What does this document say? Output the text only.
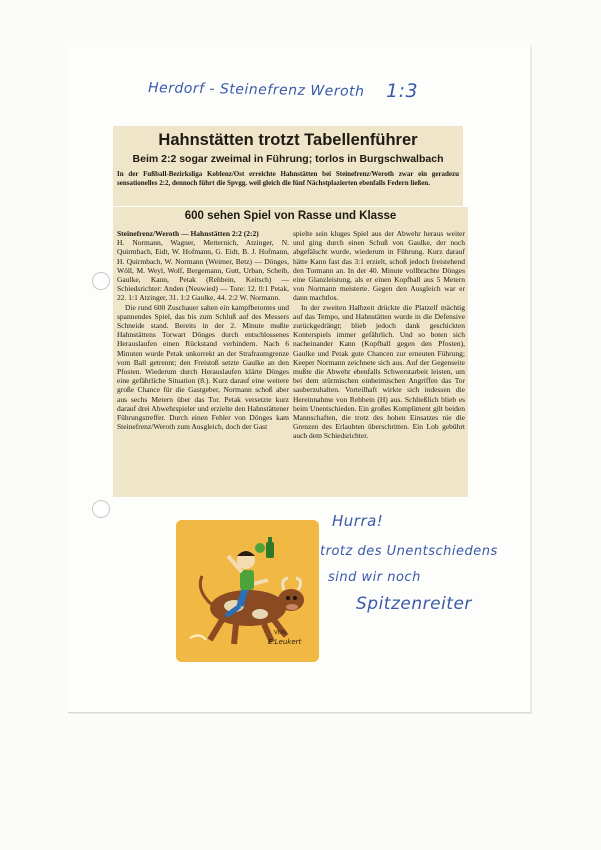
Herdorf - Steinefrenz Weroth 1:3
Hahnstätten trotzt Tabellenführer
Beim 2:2 sogar zweimal in Führung; torlos in Burgschwalbach
In der Fußball-Bezirksliga Koblenz/Ost erreichte Hahnstätten bei Steinefrenz/Weroth zwar ein geradezu sensationelles 2:2, dennoch führt die Spvgg. weil gleich die fünf Nächstplazierten ebenfalls Federn ließen.
600 sehen Spiel von Rasse und Klasse

Steinefrenz/Weroth — Hahnstätten 2:2 (2:2)

H. Normann, Wagner, Metternich, Atzinger, N. Quirmbach, Eidt, W. Hofmann, G. Eidt, B. J. Hofmann, H. Quirmbach, W. Normann (Weimer, Betz) — Dönges, Wöll, M. Weyl, Wolf, Bergemann, Gutt, Urban, Scheib, Gaulke, Kann, Petak (Rehbein, Keitsch) — Schiedsrichter: Anden (Neuwied) — Tore: 12. 0:1 Petak, 22. 1:1 Atzinger, 31. 1:2 Gaulke, 44. 2:2 W. Normann.

Die rund 600 Zuschauer sahen ein kampfbetontes und spannendes Spiel, das bis zum Schluß auf des Messers Schneide stand. Bereits in der 2. Minute mußte Hahnstättens Torwart Dönges durch entschlossenes Herauslaufen einen Rückstand verhindern. Nach 6 Minuten wurde Petak unkorrekt an der Strafraumgrenze vom Ball getrennt; den Freistoß setzte Gaulke an den Pfosten. Wiederum durch Herauslaufen klärte Dönges eine gefährliche Situation (8.). Kurz darauf eine weitere große Chance für die Gastgeber, Normann schoß aber aus sechs Metern über das Tor. Petak versetzte kurz darauf drei Abwehrspieler und erzielte den Hahnstättener Führungstreffer. Durch einen Fehler von Dönges kam Steinefrenz/Weroth zum Ausgleich, doch der Gast

spielte sein kluges Spiel aus der Abwehr heraus weiter und ging durch einen Schuß von Gaulke, der noch abgefälscht wurde, wiederum in Führung. Kurz darauf hätte Kann fast das 3:1 erzielt, schoß jedoch freistehend den Tormann an. In der 40. Minute vollbrachte Dönges eine Glanzleistung, als er einen Kopfball aus 5 Metern von Normann meisterte. Gegen den Ausgleich war er dann machtlos.

In der zweiten Halbzeit drückte die Platzelf mächtig auf das Tempo, und Hahnstätten wurde in die Defensive zurückgedrängt; blieb jedoch dank geschickten Konterspiels immer gefährlich. Und so boten sich nacheinander Kann (Kopfball gegen den Pfosten), Gaulke und Petak gute Chancen zur erneuten Führung; Keeper Normann zeichnete sich aus. Auf der Gegenseite mußte die Abwehr ebenfalls Schwerstarbeit leisten, um bei dem stürmischen einheimischen Angriffen das Tor sauberzuhalten. Vorteilhaft wirkte sich indessen die Hereinnahme von Rehbein (H) aus. Schließlich blieb es beim Unentschieden. Ein großes Kompliment gilt beiden Mannschaften, die trotz des hohen Einsatzes nie die Grenzen des Erlaubten überschritten. Ein Lob gebührt auch dem Schiedsrichter.

Hurra!
trotz des Unentschiedens
sind wir noch
Spitzenreiter
VON
E.Leukert
